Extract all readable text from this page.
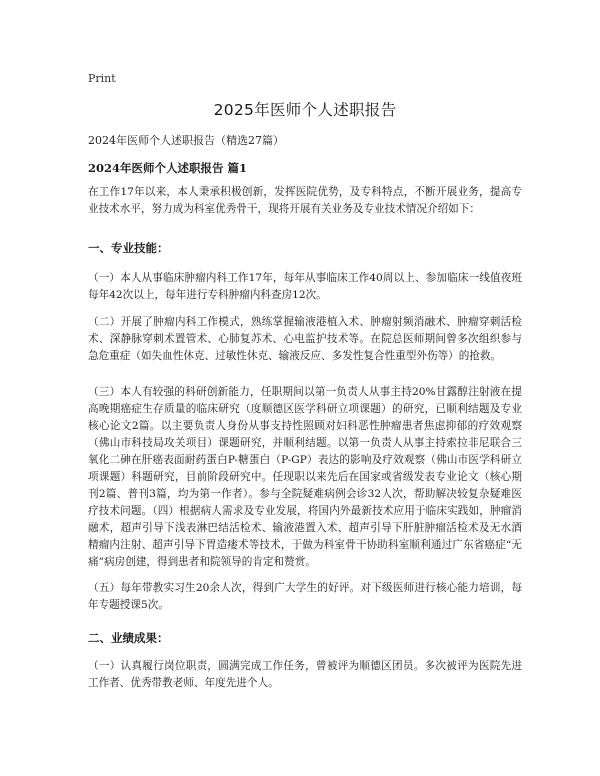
Print
2025年医师个人述职报告
2024年医师个人述职报告（精选27篇）
2024年医师个人述职报告 篇1
在工作17年以来，本人秉承积极创新，发挥医院优势，及专科特点，不断开展业务，提高专业技术水平，努力成为科室优秀骨干，现将开展有关业务及专业技术情况介绍如下：
一、专业技能：
（一）本人从事临床肿瘤内科工作17年，每年从事临床工作40周以上、参加临床一线值夜班每年42次以上，每年进行专科肿瘤内科查房12次。
（二）开展了肿瘤内科工作模式，熟练掌握输液港植入术、肿瘤射频消融术、肿瘤穿刺活检术、深静脉穿刺术置管术、心肺复苏术、心电监护技术等。在院总医师期间曾多次组织参与急危重症（如失血性休克、过敏性休克、输液反应、多发性复合性重型外伤等）的抢救。
（三）本人有较强的科研创新能力，任职期间以第一负责人从事主持20%甘露醇注射液在提高晚期癌症生存质量的临床研究（度顺德区医学科研立项课题）的研究，已顺利结题及专业核心论文2篇。以主要负责人身份从事支持性照顾对妇科恶性肿瘤患者焦虑抑郁的疗效观察（佛山市科技局攻关项目）课题研究，并顺利结题。以第一负责人从事主持索拉非尼联合三氧化二砷在肝癌表面耐药蛋白P-糖蛋白（P-GP）表达的影响及疗效观察（佛山市医学科研立项课题）科题研究，目前阶段研究中。任现职以来先后在国家或省级发表专业论文（核心期刊2篇、普刊3篇，均为第一作者）。参与全院疑难病例会诊32人次，帮助解决较复杂疑难医疗技术问题。（四）根据病人需求及专业发展，将国内外最新技术应用于临床实践如，肿瘤消融术，超声引导下浅表淋巴结活检术、输液港置入术、超声引导下肝脏肿瘤活检术及无水酒精瘤内注射、超声引导下胃造瘘术等技术，于做为科室骨干协助科室顺利通过广东省癌症“无痛”病房创建，得到患者和院领导的肯定和赞赏。
（五）每年带教实习生20余人次，得到广大学生的好评。对下级医师进行核心能力培训，每年专题授课5次。
二、业绩成果：
（一）认真履行岗位职责，圆满完成工作任务，曾被评为顺德区团员。多次被评为医院先进工作者、优秀带教老师、年度先进个人。
